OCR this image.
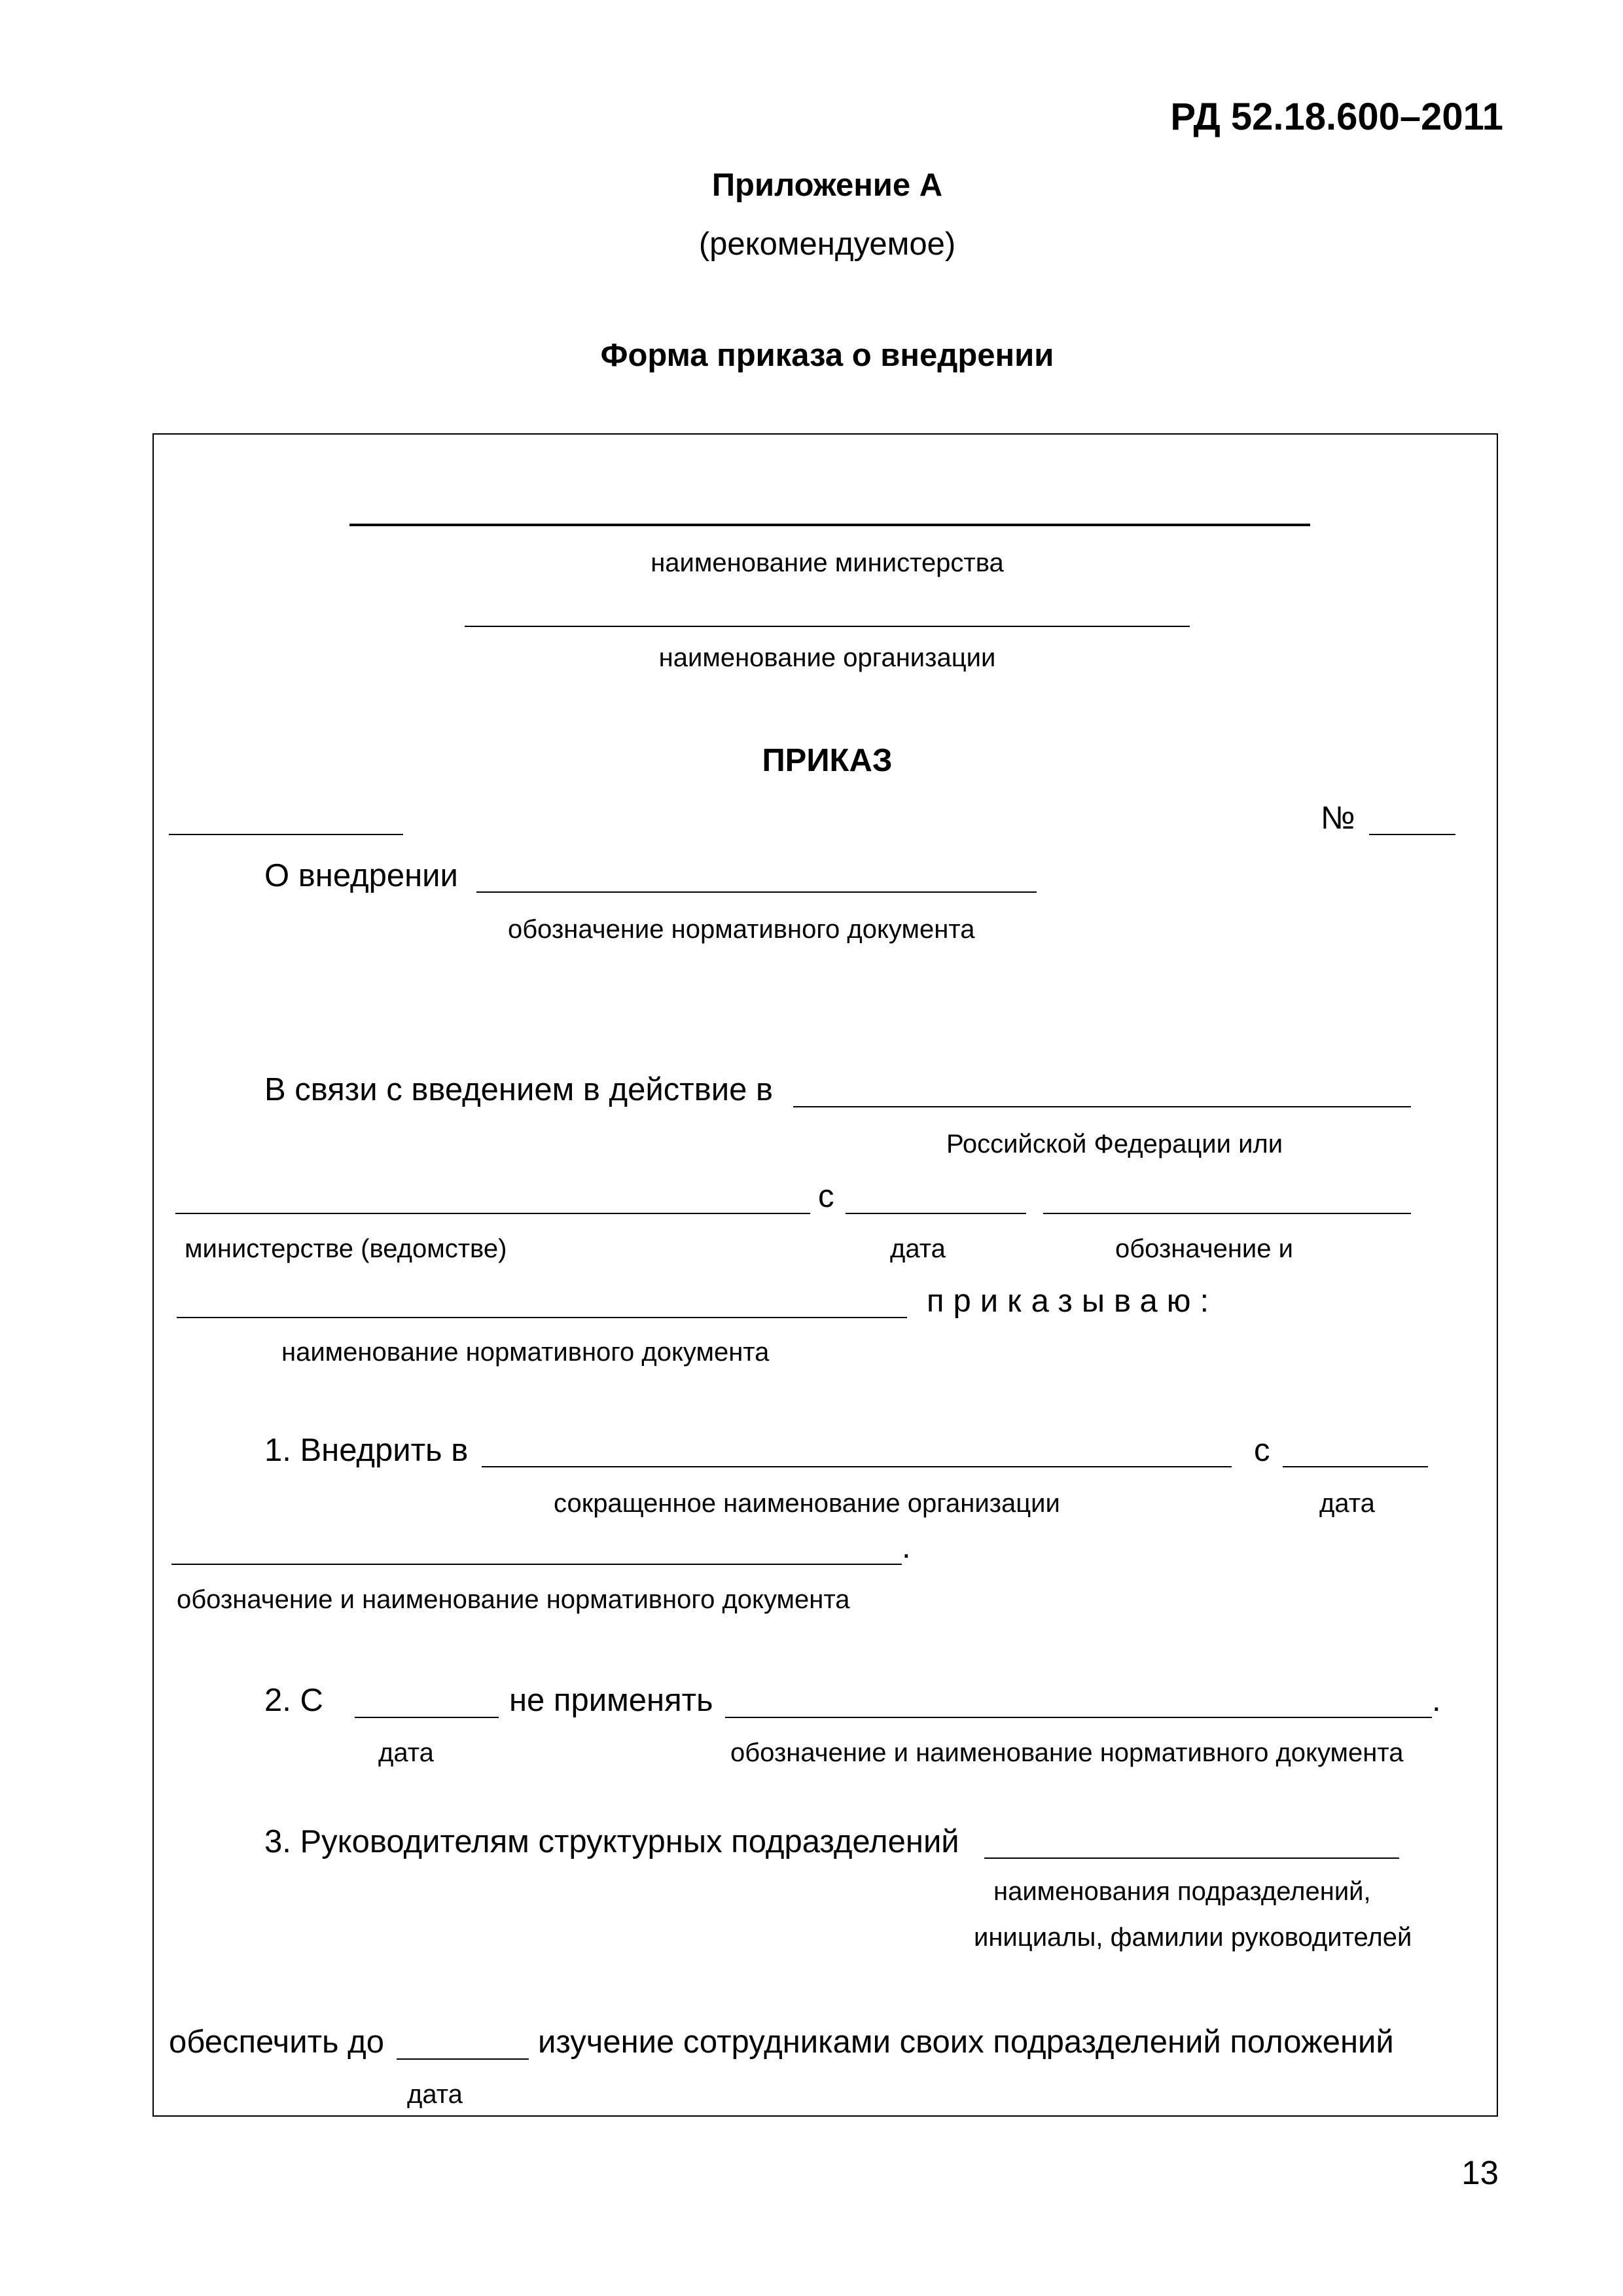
РД 52.18.600–2011
Приложение А
(рекомендуемое)
Форма приказа о внедрении
наименование министерства
наименование организации
ПРИКАЗ
№
О внедрении
обозначение нормативного документа
В связи с введением в действие в
Российской Федерации или
с
министерстве (ведомстве)	дата	обозначение и
приказываю:
наименование нормативного документа
1. Внедрить в	с
сокращенное наименование организации	дата
.
обозначение и наименование нормативного документа
2. С	не применять	.
дата	обозначение и наименование нормативного документа
3. Руководителям структурных подразделений
наименования подразделений,
инициалы, фамилии руководителей
обеспечить до	изучение сотрудниками своих подразделений положений
дата
13
